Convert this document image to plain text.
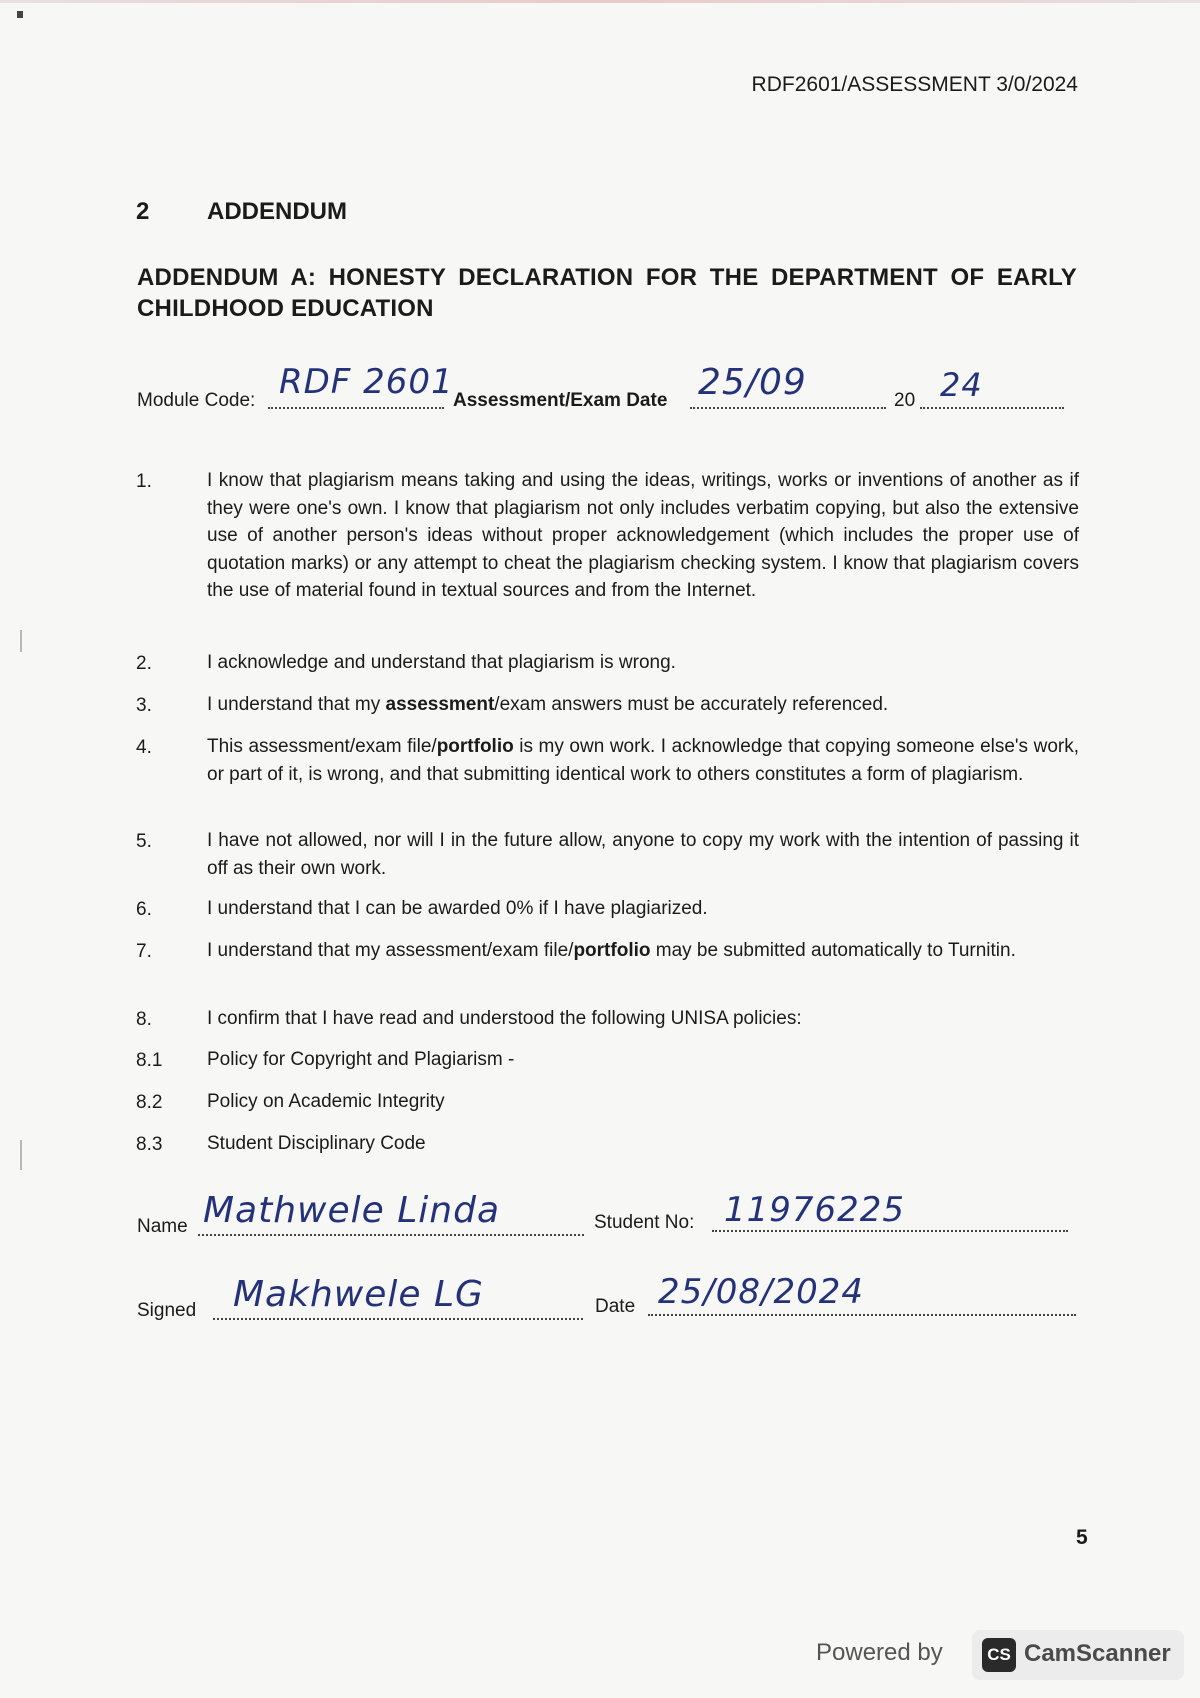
RDF2601/ASSESSMENT 3/0/2024
2 ADDENDUM
ADDENDUM A: HONESTY DECLARATION FOR THE DEPARTMENT OF EARLY CHILDHOOD EDUCATION
Module Code: RDF 2601 Assessment/Exam Date 25/09	20 24
1.	I know that plagiarism means taking and using the ideas, writings, works or inventions of another as if they were one's own. I know that plagiarism not only includes verbatim copying, but also the extensive use of another person's ideas without proper acknowledgement (which includes the proper use of quotation marks) or any attempt to cheat the plagiarism checking system. I know that plagiarism covers the use of material found in textual sources and from the Internet.
2.	I acknowledge and understand that plagiarism is wrong.
3.	I understand that my assessment/exam answers must be accurately referenced.
4.	This assessment/exam file/portfolio is my own work. I acknowledge that copying someone else's work, or part of it, is wrong, and that submitting identical work to others constitutes a form of plagiarism.
5.	I have not allowed, nor will I in the future allow, anyone to copy my work with the intention of passing it off as their own work.
6.	I understand that I can be awarded 0% if I have plagiarized.
7.	I understand that my assessment/exam file/portfolio may be submitted automatically to Turnitin.
8.	I confirm that I have read and understood the following UNISA policies:
8.1 Policy for Copyright and Plagiarism -
8.2 Policy on Academic Integrity
8.3 Student Disciplinary Code
Name Mathwele Linda	Student No: 11976225
Signed Makhwele LG	Date 25/08/2024
5
Powered by	CS CamScanner
